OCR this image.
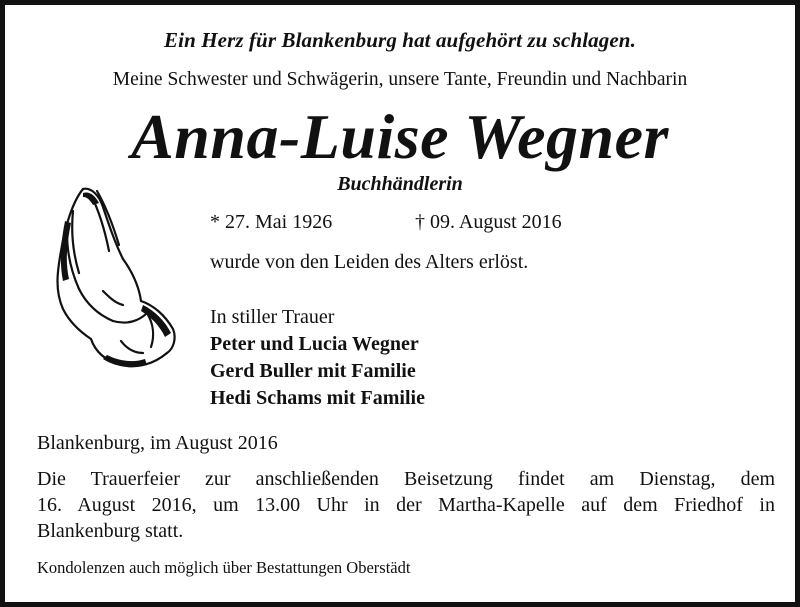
Ein Herz für Blankenburg hat aufgehört zu schlagen.
Meine Schwester und Schwägerin, unsere Tante, Freundin und Nachbarin
Anna-Luise Wegner
Buchhändlerin
* 27. Mai 1926	† 09. August 2016
wurde von den Leiden des Alters erlöst.
In stiller Trauer
Peter und Lucia Wegner
Gerd Buller mit Familie
Hedi Schams mit Familie
Blankenburg, im August 2016
Die Trauerfeier zur anschließenden Beisetzung findet am Dienstag, dem
16. August 2016, um 13.00 Uhr in der Martha-Kapelle auf dem Friedhof in
Blankenburg statt.
Kondolenzen auch möglich über Bestattungen Oberstädt
